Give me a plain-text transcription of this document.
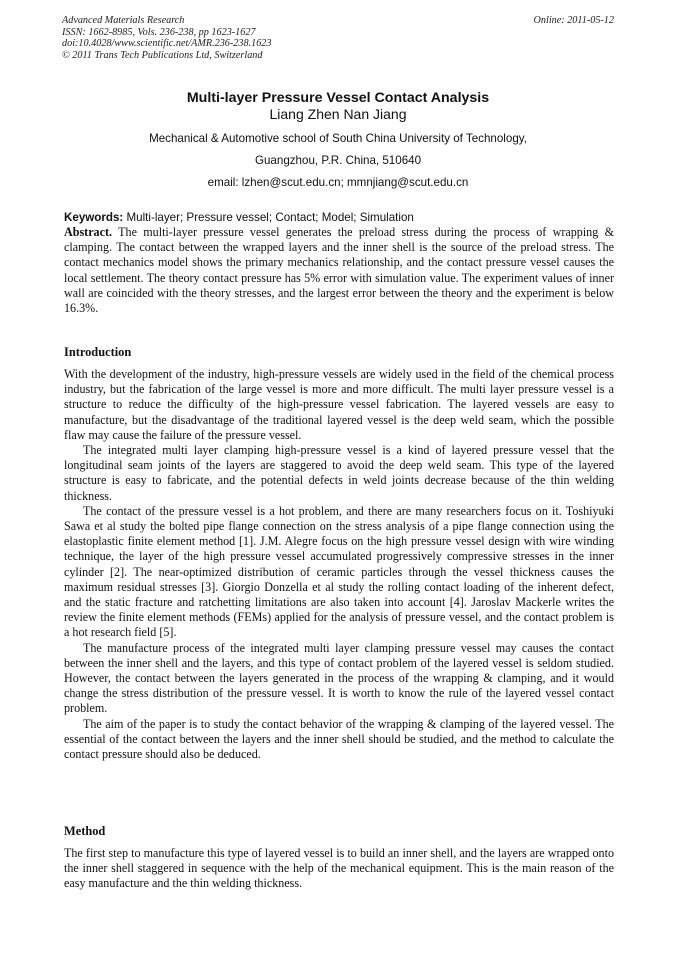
Advanced Materials Research
ISSN: 1662-8985, Vols. 236-238, pp 1623-1627
doi:10.4028/www.scientific.net/AMR.236-238.1623
© 2011 Trans Tech Publications Ltd, Switzerland
Online: 2011-05-12
Multi-layer Pressure Vessel Contact Analysis
Liang Zhen Nan Jiang
Mechanical & Automotive school of South China University of Technology,
Guangzhou, P.R. China, 510640
email: lzhen@scut.edu.cn; mmnjiang@scut.edu.cn
Keywords: Multi-layer; Pressure vessel; Contact; Model; Simulation

Abstract. The multi-layer pressure vessel generates the preload stress during the process of wrapping & clamping. The contact between the wrapped layers and the inner shell is the source of the preload stress. The contact mechanics model shows the primary mechanics relationship, and the contact pressure vessel causes the local settlement. The theory contact pressure has 5% error with simulation value. The experiment values of inner wall are coincided with the theory stresses, and the largest error between the theory and the experiment is below 16.3%.

Introduction

With the development of the industry, high-pressure vessels are widely used in the field of the chemical process industry, but the fabrication of the large vessel is more and more difficult. The multi layer pressure vessel is a structure to reduce the difficulty of the high-pressure vessel fabrication. The layered vessels are easy to manufacture, but the disadvantage of the traditional layered vessel is the deep weld seam, which the possible flaw may cause the failure of the pressure vessel.

The integrated multi layer clamping high-pressure vessel is a kind of layered pressure vessel that the longitudinal seam joints of the layers are staggered to avoid the deep weld seam. This type of the layered structure is easy to fabricate, and the potential defects in weld joints decrease because of the thin welding thickness.

The contact of the pressure vessel is a hot problem, and there are many researchers focus on it. Toshiyuki Sawa et al study the bolted pipe flange connection on the stress analysis of a pipe flange connection using the elastoplastic finite element method [1]. J.M. Alegre focus on the high pressure vessel design with wire winding technique, the layer of the high pressure vessel accumulated progressively compressive stresses in the inner cylinder [2]. The near-optimized distribution of ceramic particles through the vessel thickness causes the maximum residual stresses [3]. Giorgio Donzella et al study the rolling contact loading of the inherent defect, and the static fracture and ratchetting limitations are also taken into account [4]. Jaroslav Mackerle writes the review the finite element methods (FEMs) applied for the analysis of pressure vessel, and the contact problem is a hot research field [5].

The manufacture process of the integrated multi layer clamping pressure vessel may causes the contact between the inner shell and the layers, and this type of contact problem of the layered vessel is seldom studied. However, the contact between the layers generated in the process of the wrapping & clamping, and it would change the stress distribution of the pressure vessel. It is worth to know the rule of the layered vessel contact problem.

The aim of the paper is to study the contact behavior of the wrapping & clamping of the layered vessel. The essential of the contact between the layers and the inner shell should be studied, and the method to calculate the contact pressure should also be deduced.

Method

The first step to manufacture this type of layered vessel is to build an inner shell, and the layers are wrapped onto the inner shell staggered in sequence with the help of the mechanical equipment. This is the main reason of the easy manufacture and the thin welding thickness.
